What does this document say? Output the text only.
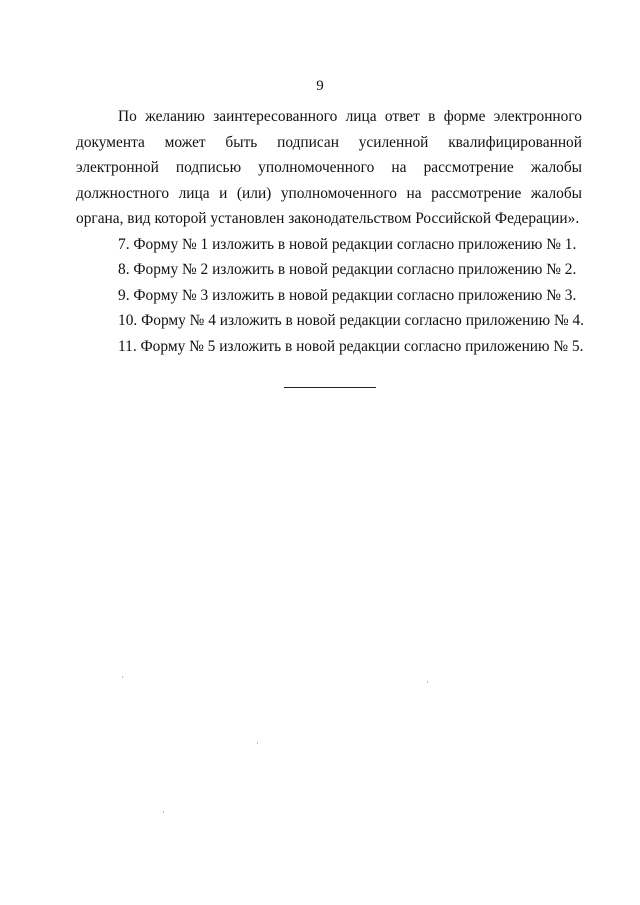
9

По желанию заинтересованного лица ответ в форме электронного документа может быть подписан усиленной квалифицированной электронной подписью уполномоченного на рассмотрение жалобы должностного лица и (или) уполномоченного на рассмотрение жалобы органа, вид которой установлен законодательством Российской Федерации».

7. Форму № 1 изложить в новой редакции согласно приложению № 1.

8. Форму № 2 изложить в новой редакции согласно приложению № 2.

9. Форму № 3 изложить в новой редакции согласно приложению № 3.

10. Форму № 4 изложить в новой редакции согласно приложению № 4.

11. Форму № 5 изложить в новой редакции согласно приложению № 5.
